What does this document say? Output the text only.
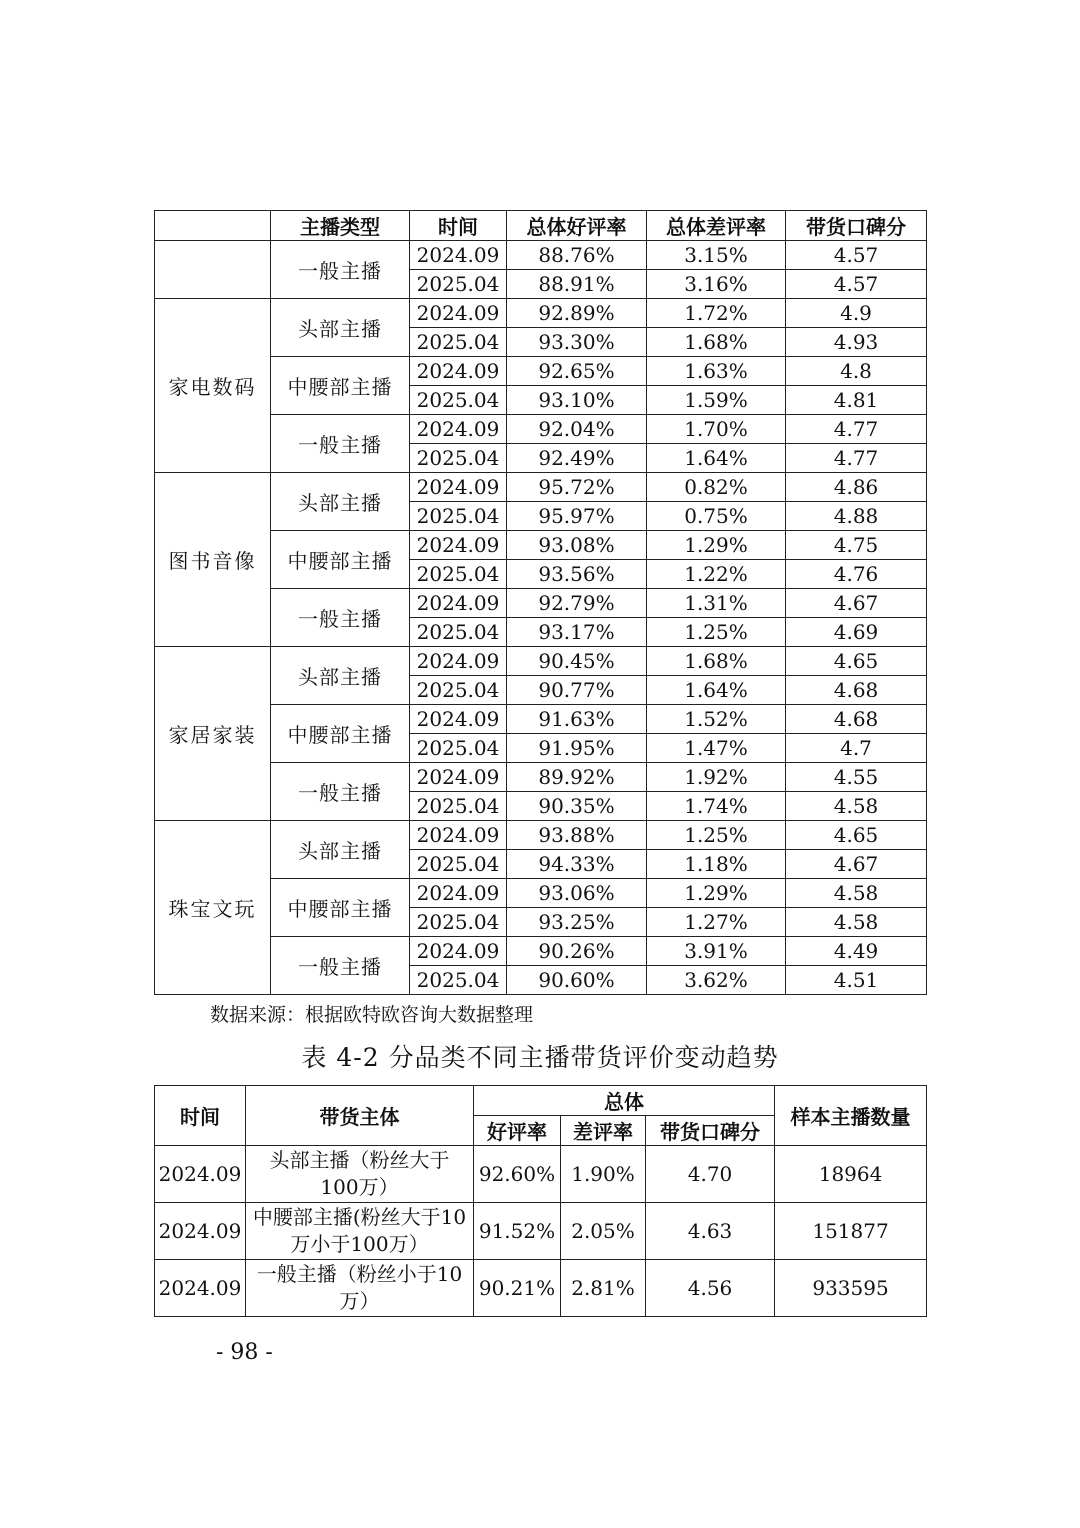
	主播类型	时间	总体好评率	总体差评率	带货口碑分
	一般主播	2024.09	88.76%	3.15%	4.57
		2025.04	88.91%	3.16%	4.57
家电数码	头部主播	2024.09	92.89%	1.72%	4.9
		2025.04	93.30%	1.68%	4.93
	中腰部主播	2024.09	92.65%	1.63%	4.8
		2025.04	93.10%	1.59%	4.81
	一般主播	2024.09	92.04%	1.70%	4.77
		2025.04	92.49%	1.64%	4.77
图书音像	头部主播	2024.09	95.72%	0.82%	4.86
		2025.04	95.97%	0.75%	4.88
	中腰部主播	2024.09	93.08%	1.29%	4.75
		2025.04	93.56%	1.22%	4.76
	一般主播	2024.09	92.79%	1.31%	4.67
		2025.04	93.17%	1.25%	4.69
家居家装	头部主播	2024.09	90.45%	1.68%	4.65
		2025.04	90.77%	1.64%	4.68
	中腰部主播	2024.09	91.63%	1.52%	4.68
		2025.04	91.95%	1.47%	4.7
	一般主播	2024.09	89.92%	1.92%	4.55
		2025.04	90.35%	1.74%	4.58
珠宝文玩	头部主播	2024.09	93.88%	1.25%	4.65
		2025.04	94.33%	1.18%	4.67
	中腰部主播	2024.09	93.06%	1.29%	4.58
		2025.04	93.25%	1.27%	4.58
	一般主播	2024.09	90.26%	3.91%	4.49
		2025.04	90.60%	3.62%	4.51
数据来源：根据欧特欧咨询大数据整理
表 4-2 分品类不同主播带货评价变动趋势
时间	带货主体	总体			样本主播数量
		好评率	差评率	带货口碑分	
2024.09	头部主播（粉丝大于100万）	92.60%	1.90%	4.70	18964
2024.09	中腰部主播(粉丝大于10万小于100万）	91.52%	2.05%	4.63	151877
2024.09	一般主播（粉丝小于10万）	90.21%	2.81%	4.56	933595
- 98 -
